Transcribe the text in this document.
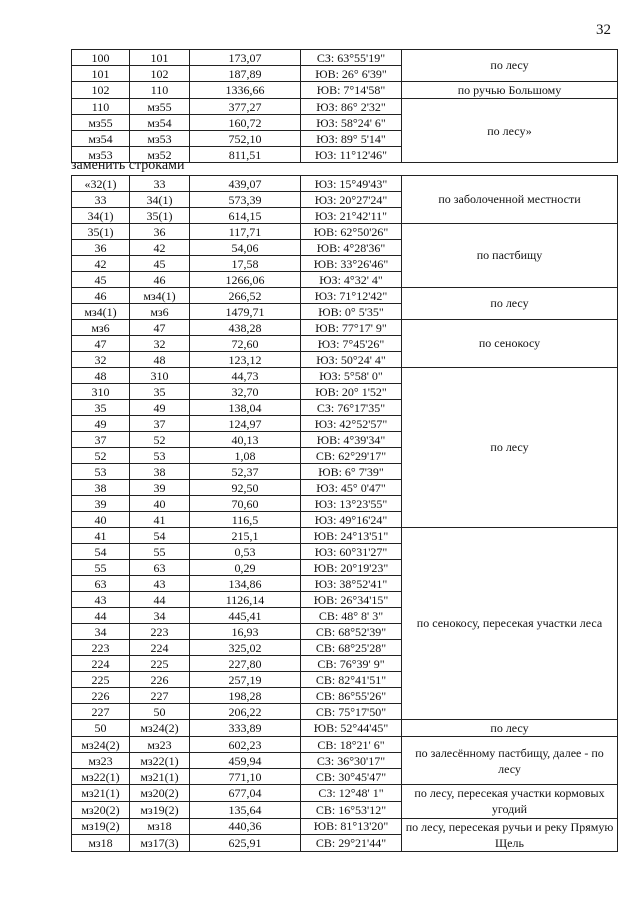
32
100	101	173,07	СЗ: 63°55'19"	по лесу
101	102	187,89	ЮВ: 26° 6'39"	
102	110	1336,66	ЮВ: 7°14'58"	по ручью Большому
110	мз55	377,27	ЮЗ: 86° 2'32"	по лесу»
мз55	мз54	160,72	ЮЗ: 58°24' 6"	
мз54	мз53	752,10	ЮЗ: 89° 5'14"	
мз53	мз52	811,51	ЮЗ: 11°12'46"	
заменить строками
«32(1)	33	439,07	ЮЗ: 15°49'43"	по заболоченной местности
33	34(1)	573,39	ЮЗ: 20°27'24"	
34(1)	35(1)	614,15	ЮЗ: 21°42'11"	
35(1)	36	117,71	ЮВ: 62°50'26"	по пастбищу
36	42	54,06	ЮВ: 4°28'36"	
42	45	17,58	ЮВ: 33°26'46"	
45	46	1266,06	ЮЗ: 4°32' 4"	
46	мз4(1)	266,52	ЮЗ: 71°12'42"	по лесу
мз4(1)	мз6	1479,71	ЮВ: 0° 5'35"	
мз6	47	438,28	ЮВ: 77°17' 9"	по сенокосу
47	32	72,60	ЮЗ: 7°45'26"	
32	48	123,12	ЮЗ: 50°24' 4"	
48	310	44,73	ЮЗ: 5°58' 0"	по лесу
310	35	32,70	ЮВ: 20° 1'52"	
35	49	138,04	СЗ: 76°17'35"	
49	37	124,97	ЮЗ: 42°52'57"	
37	52	40,13	ЮВ: 4°39'34"	
52	53	1,08	СВ: 62°29'17"	
53	38	52,37	ЮВ: 6° 7'39"	
38	39	92,50	ЮЗ: 45° 0'47"	
39	40	70,60	ЮЗ: 13°23'55"	
40	41	116,5	ЮЗ: 49°16'24"	
41	54	215,1	ЮВ: 24°13'51"	по сенокосу, пересекая участки леса
54	55	0,53	ЮЗ: 60°31'27"	
55	63	0,29	ЮВ: 20°19'23"	
63	43	134,86	ЮЗ: 38°52'41"	
43	44	1126,14	ЮВ: 26°34'15"	
44	34	445,41	СВ: 48° 8' 3"	
34	223	16,93	СВ: 68°52'39"	
223	224	325,02	СВ: 68°25'28"	
224	225	227,80	СВ: 76°39' 9"	
225	226	257,19	СВ: 82°41'51"	
226	227	198,28	СВ: 86°55'26"	
227	50	206,22	СВ: 75°17'50"	
50	мз24(2)	333,89	ЮВ: 52°44'45"	по лесу
мз24(2)	мз23	602,23	СВ: 18°21' 6"	по залесённому пастбищу, далее - по лесу
мз23	мз22(1)	459,94	СЗ: 36°30'17"	
мз22(1)	мз21(1)	771,10	СВ: 30°45'47"	
мз21(1)	мз20(2)	677,04	СЗ: 12°48' 1"	по лесу, пересекая участки кормовых угодий
мз20(2)	мз19(2)	135,64	СВ: 16°53'12"	
мз19(2)	мз18	440,36	ЮВ: 81°13'20"	по лесу, пересекая ручьи и реку Прямую Щель
мз18	мз17(3)	625,91	СВ: 29°21'44"	
